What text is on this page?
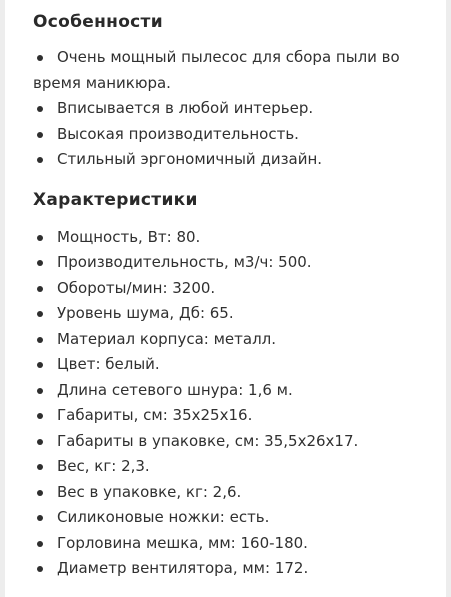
Особенности
Очень мощный пылесос для сбора пыли во время маникюра.
Вписывается в любой интерьер.
Высокая производительность.
Стильный эргономичный дизайн.
Характеристики
Мощность, Вт: 80.
Производительность, м3/ч: 500.
Обороты/мин: 3200.
Уровень шума, Дб: 65.
Материал корпуса: металл.
Цвет: белый.
Длина сетевого шнура: 1,6 м.
Габариты, см: 35x25x16.
Габариты в упаковке, см: 35,5x26x17.
Вес, кг: 2,3.
Вес в упаковке, кг: 2,6.
Силиконовые ножки: есть.
Горловина мешка, мм: 160-180.
Диаметр вентилятора, мм: 172.
